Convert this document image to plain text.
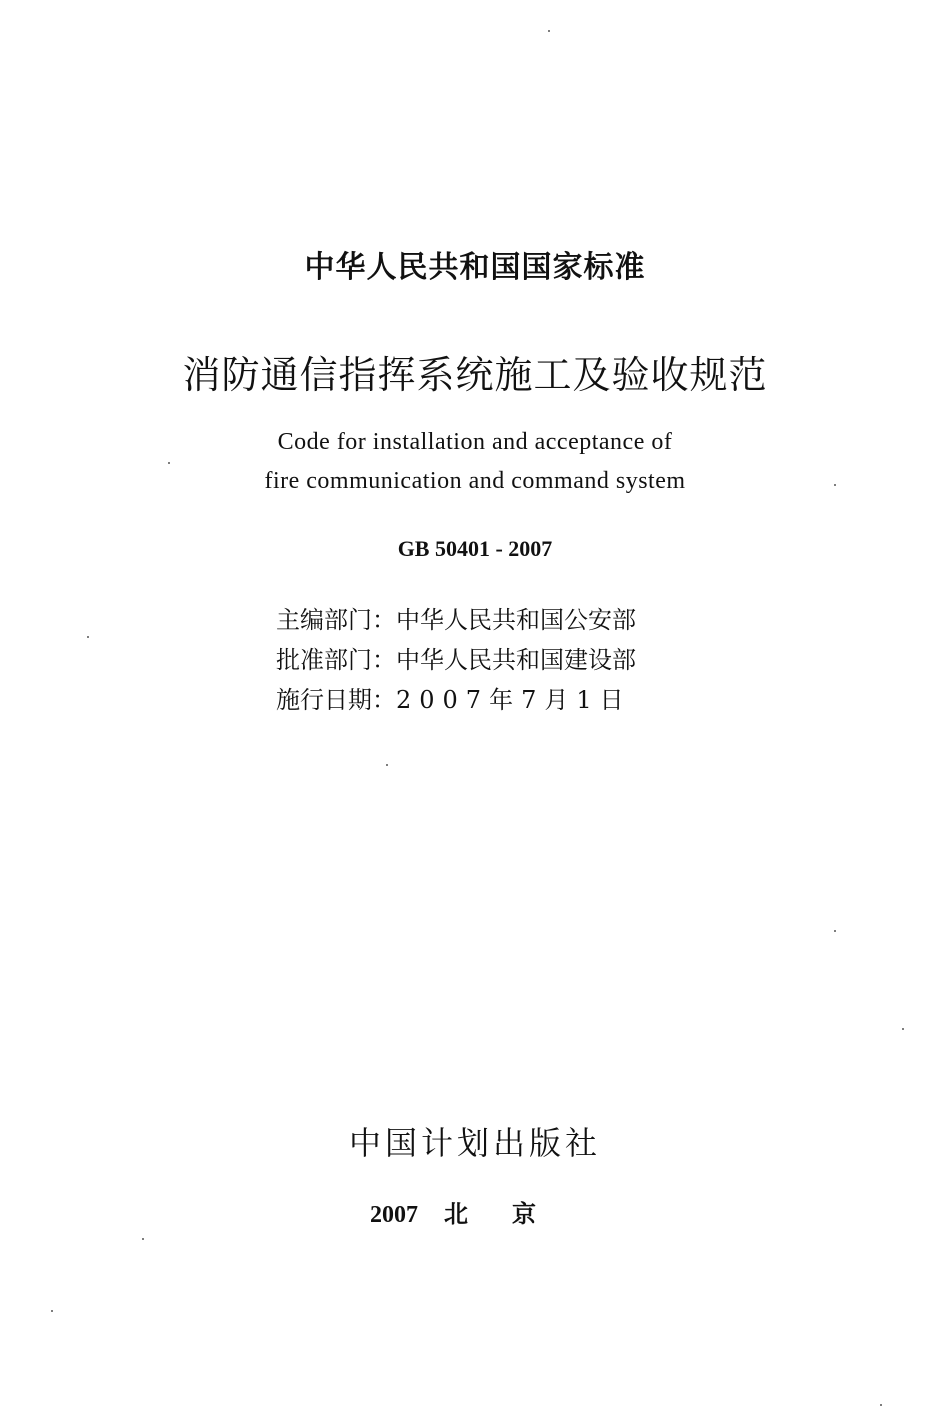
中华人民共和国国家标准
消防通信指挥系统施工及验收规范
Code for installation and acceptance of
fire communication and command system
GB 50401 - 2007
主编部门：中华人民共和国公安部
批准部门：中华人民共和国建设部
施行日期：2007年7月1日
中国计划出版社
2007 北京
